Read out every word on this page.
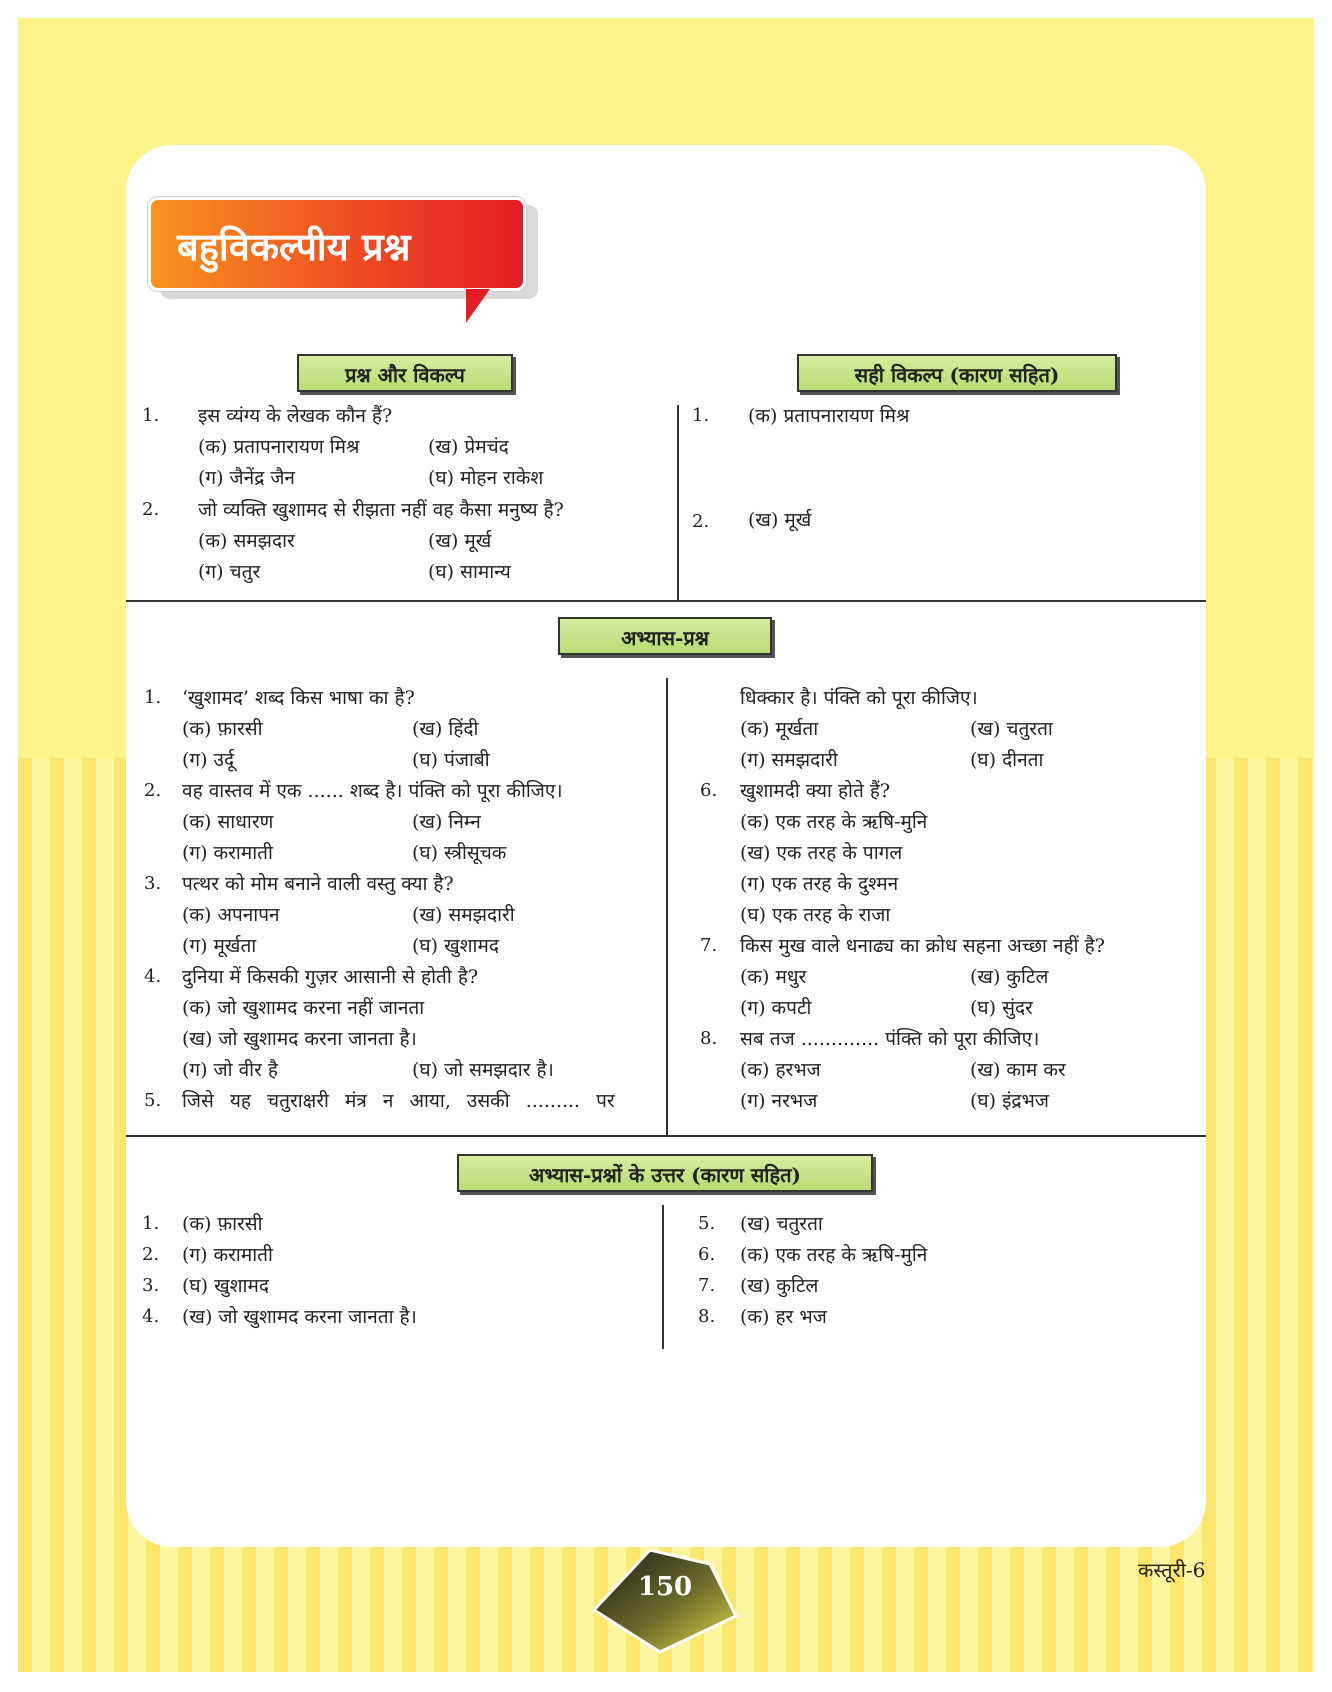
बहुविकल्पीय प्रश्न
प्रश्न और विकल्प	सही विकल्प (कारण सहित)
1. इस व्यंग्य के लेखक कौन हैं?
(क) प्रतापनारायण मिश्र	(ख) प्रेमचंद
(ग) जैनेंद्र जैन	(घ) मोहन राकेश
2. जो व्यक्ति खुशामद से रीझता नहीं वह कैसा मनुष्य है?
(क) समझदार	(ख) मूर्ख
(ग) चतुर	(घ) सामान्य
1. (क) प्रतापनारायण मिश्र
2. (ख) मूर्ख
अभ्यास-प्रश्न
1. ‘खुशामद’ शब्द किस भाषा का है?
(क) फ़ारसी	(ख) हिंदी
(ग) उर्दू	(घ) पंजाबी
2. वह वास्तव में एक ...... शब्द है। पंक्ति को पूरा कीजिए।
(क) साधारण	(ख) निम्न
(ग) करामाती	(घ) स्त्रीसूचक
3. पत्थर को मोम बनाने वाली वस्तु क्या है?
(क) अपनापन	(ख) समझदारी
(ग) मूर्खता	(घ) खुशामद
4. दुनिया में किसकी गुज़र आसानी से होती है?
(क) जो खुशामद करना नहीं जानता
(ख) जो खुशामद करना जानता है।
(ग) जो वीर है	(घ) जो समझदार है।
5. जिसे यह चतुराक्षरी मंत्र न आया, उसकी ......... पर
धिक्कार है। पंक्ति को पूरा कीजिए।
(क) मूर्खता	(ख) चतुरता
(ग) समझदारी	(घ) दीनता
6. खुशामदी क्या होते हैं?
(क) एक तरह के ऋषि-मुनि
(ख) एक तरह के पागल
(ग) एक तरह के दुश्मन
(घ) एक तरह के राजा
7. किस मुख वाले धनाढ्य का क्रोध सहना अच्छा नहीं है?
(क) मधुर	(ख) कुटिल
(ग) कपटी	(घ) सुंदर
8. सब तज ............. पंक्ति को पूरा कीजिए।
(क) हरभज	(ख) काम कर
(ग) नरभज	(घ) इंद्रभज
अभ्यास-प्रश्नों के उत्तर (कारण सहित)
1. (क) फ़ारसी
2. (ग) करामाती
3. (घ) खुशामद
4. (ख) जो खुशामद करना जानता है।
5. (ख) चतुरता
6. (क) एक तरह के ऋषि-मुनि
7. (ख) कुटिल
8. (क) हर भज
150
कस्तूरी-6
